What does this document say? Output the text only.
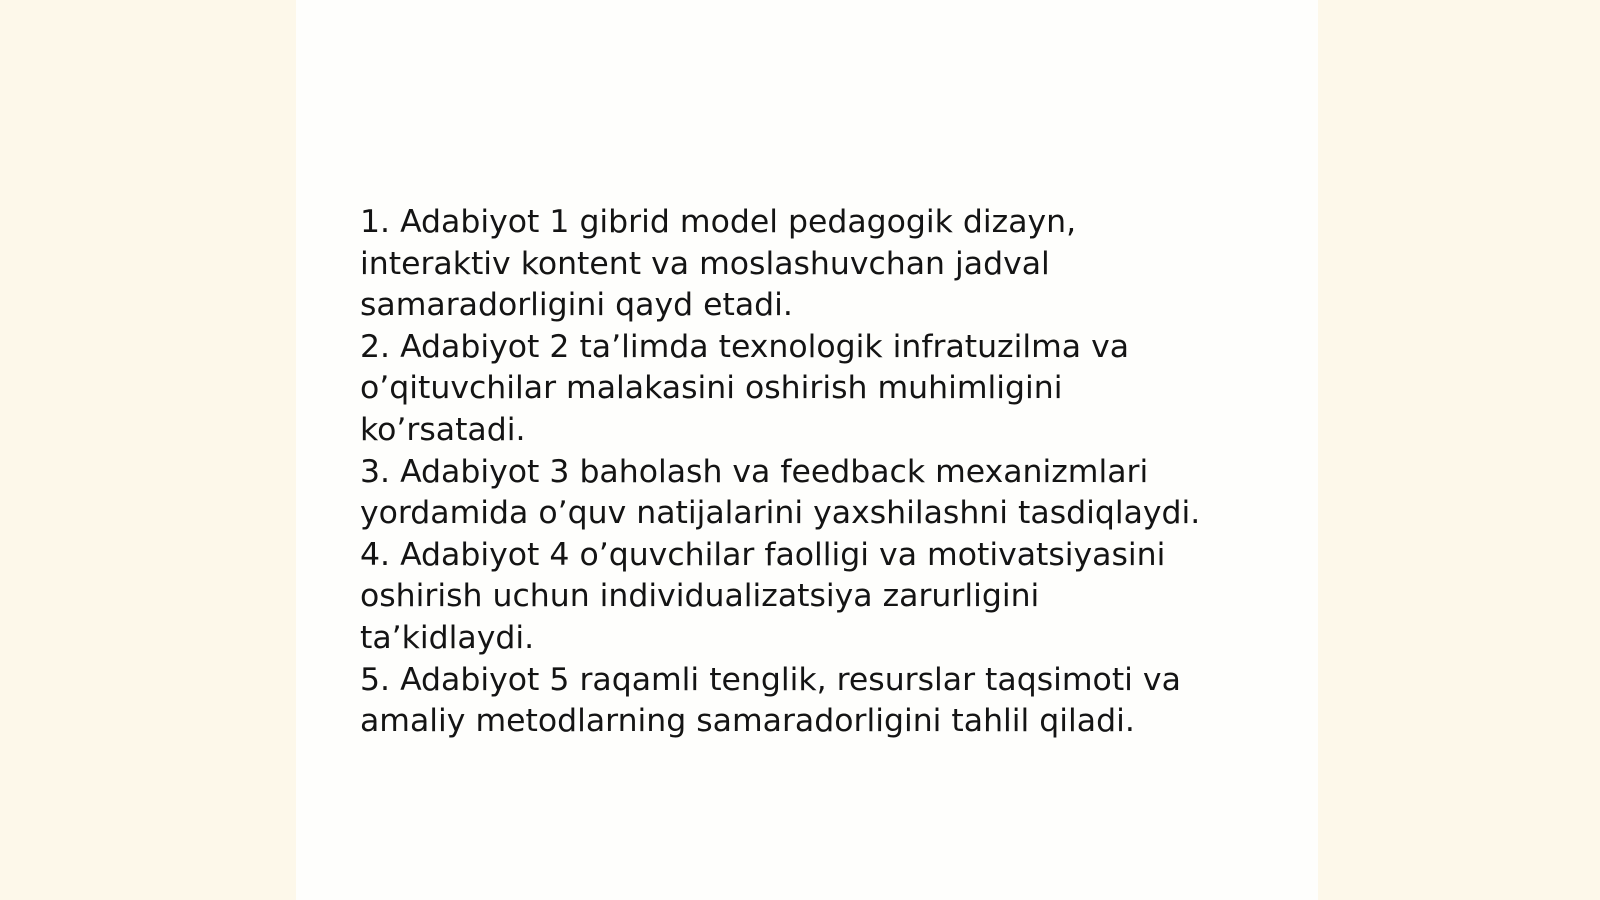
1. Adabiyot 1 gibrid model pedagogik dizayn,
interaktiv kontent va moslashuvchan jadval
samaradorligini qayd etadi.

2. Adabiyot 2 ta’limda texnologik infratuzilma va
o’qituvchilar malakasini oshirish muhimligini
ko’rsatadi.

3. Adabiyot 3 baholash va feedback mexanizmlari
yordamida o’quv natijalarini yaxshilashni tasdiqlaydi.

4. Adabiyot 4 o’quvchilar faolligi va motivatsiyasini
oshirish uchun individualizatsiya zarurligini
ta’kidlaydi.

5. Adabiyot 5 raqamli tenglik, resurslar taqsimoti va
amaliy metodlarning samaradorligini tahlil qiladi.
